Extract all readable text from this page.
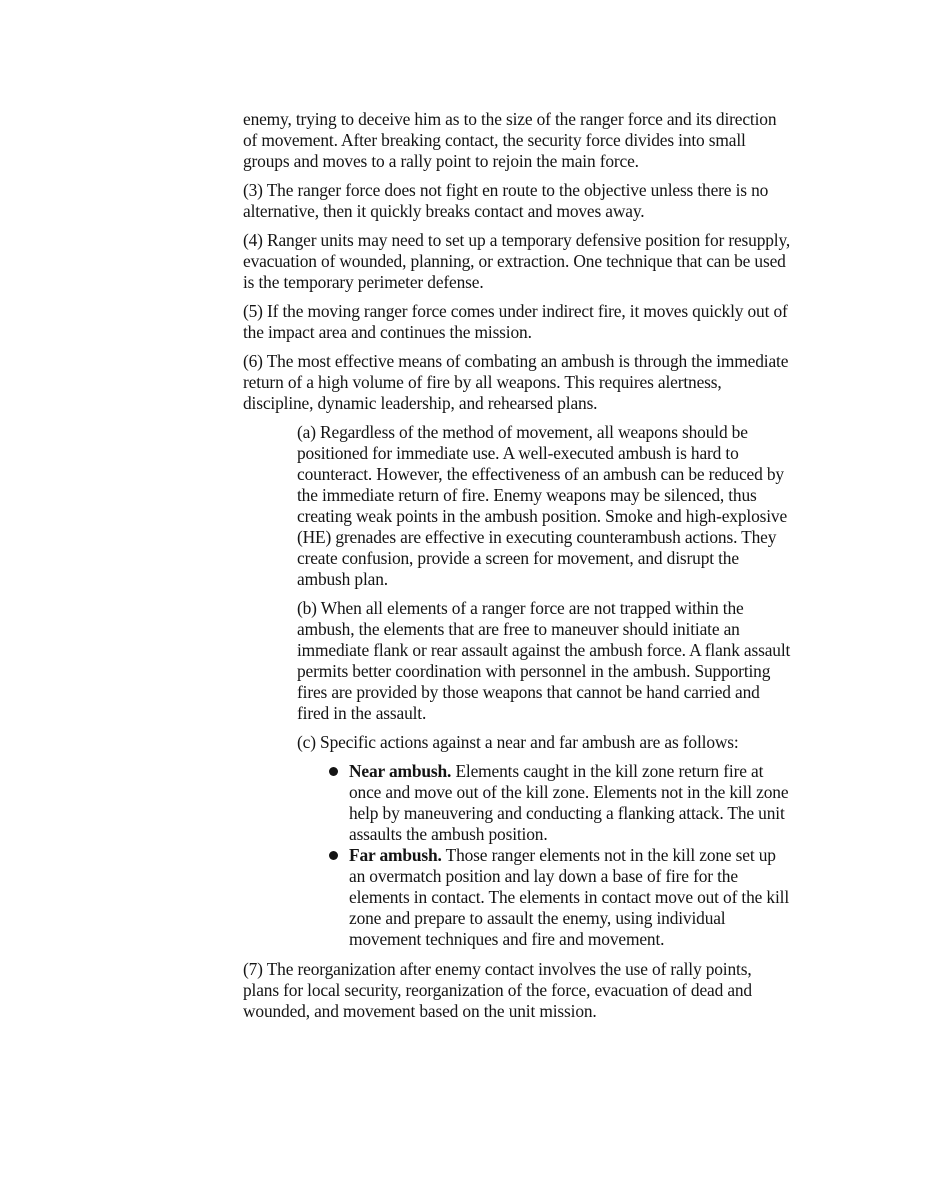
enemy, trying to deceive him as to the size of the ranger force and its direction of movement. After breaking contact, the security force divides into small groups and moves to a rally point to rejoin the main force.

(3) The ranger force does not fight en route to the objective unless there is no alternative, then it quickly breaks contact and moves away.

(4) Ranger units may need to set up a temporary defensive position for resupply, evacuation of wounded, planning, or extraction. One technique that can be used is the temporary perimeter defense.

(5) If the moving ranger force comes under indirect fire, it moves quickly out of the impact area and continues the mission.

(6) The most effective means of combating an ambush is through the immediate return of a high volume of fire by all weapons. This requires alertness, discipline, dynamic leadership, and rehearsed plans.

(a) Regardless of the method of movement, all weapons should be positioned for immediate use. A well-executed ambush is hard to counteract. However, the effectiveness of an ambush can be reduced by the immediate return of fire. Enemy weapons may be silenced, thus creating weak points in the ambush position. Smoke and high-explosive (HE) grenades are effective in executing counterambush actions. They create confusion, provide a screen for movement, and disrupt the ambush plan.

(b) When all elements of a ranger force are not trapped within the ambush, the elements that are free to maneuver should initiate an immediate flank or rear assault against the ambush force. A flank assault permits better coordination with personnel in the ambush. Supporting fires are provided by those weapons that cannot be hand carried and fired in the assault.

(c) Specific actions against a near and far ambush are as follows:

Near ambush. Elements caught in the kill zone return fire at once and move out of the kill zone. Elements not in the kill zone help by maneuvering and conducting a flanking attack. The unit assaults the ambush position.
Far ambush. Those ranger elements not in the kill zone set up an overmatch position and lay down a base of fire for the elements in contact. The elements in contact move out of the kill zone and prepare to assault the enemy, using individual movement techniques and fire and movement.

(7) The reorganization after enemy contact involves the use of rally points, plans for local security, reorganization of the force, evacuation of dead and wounded, and movement based on the unit mission.
